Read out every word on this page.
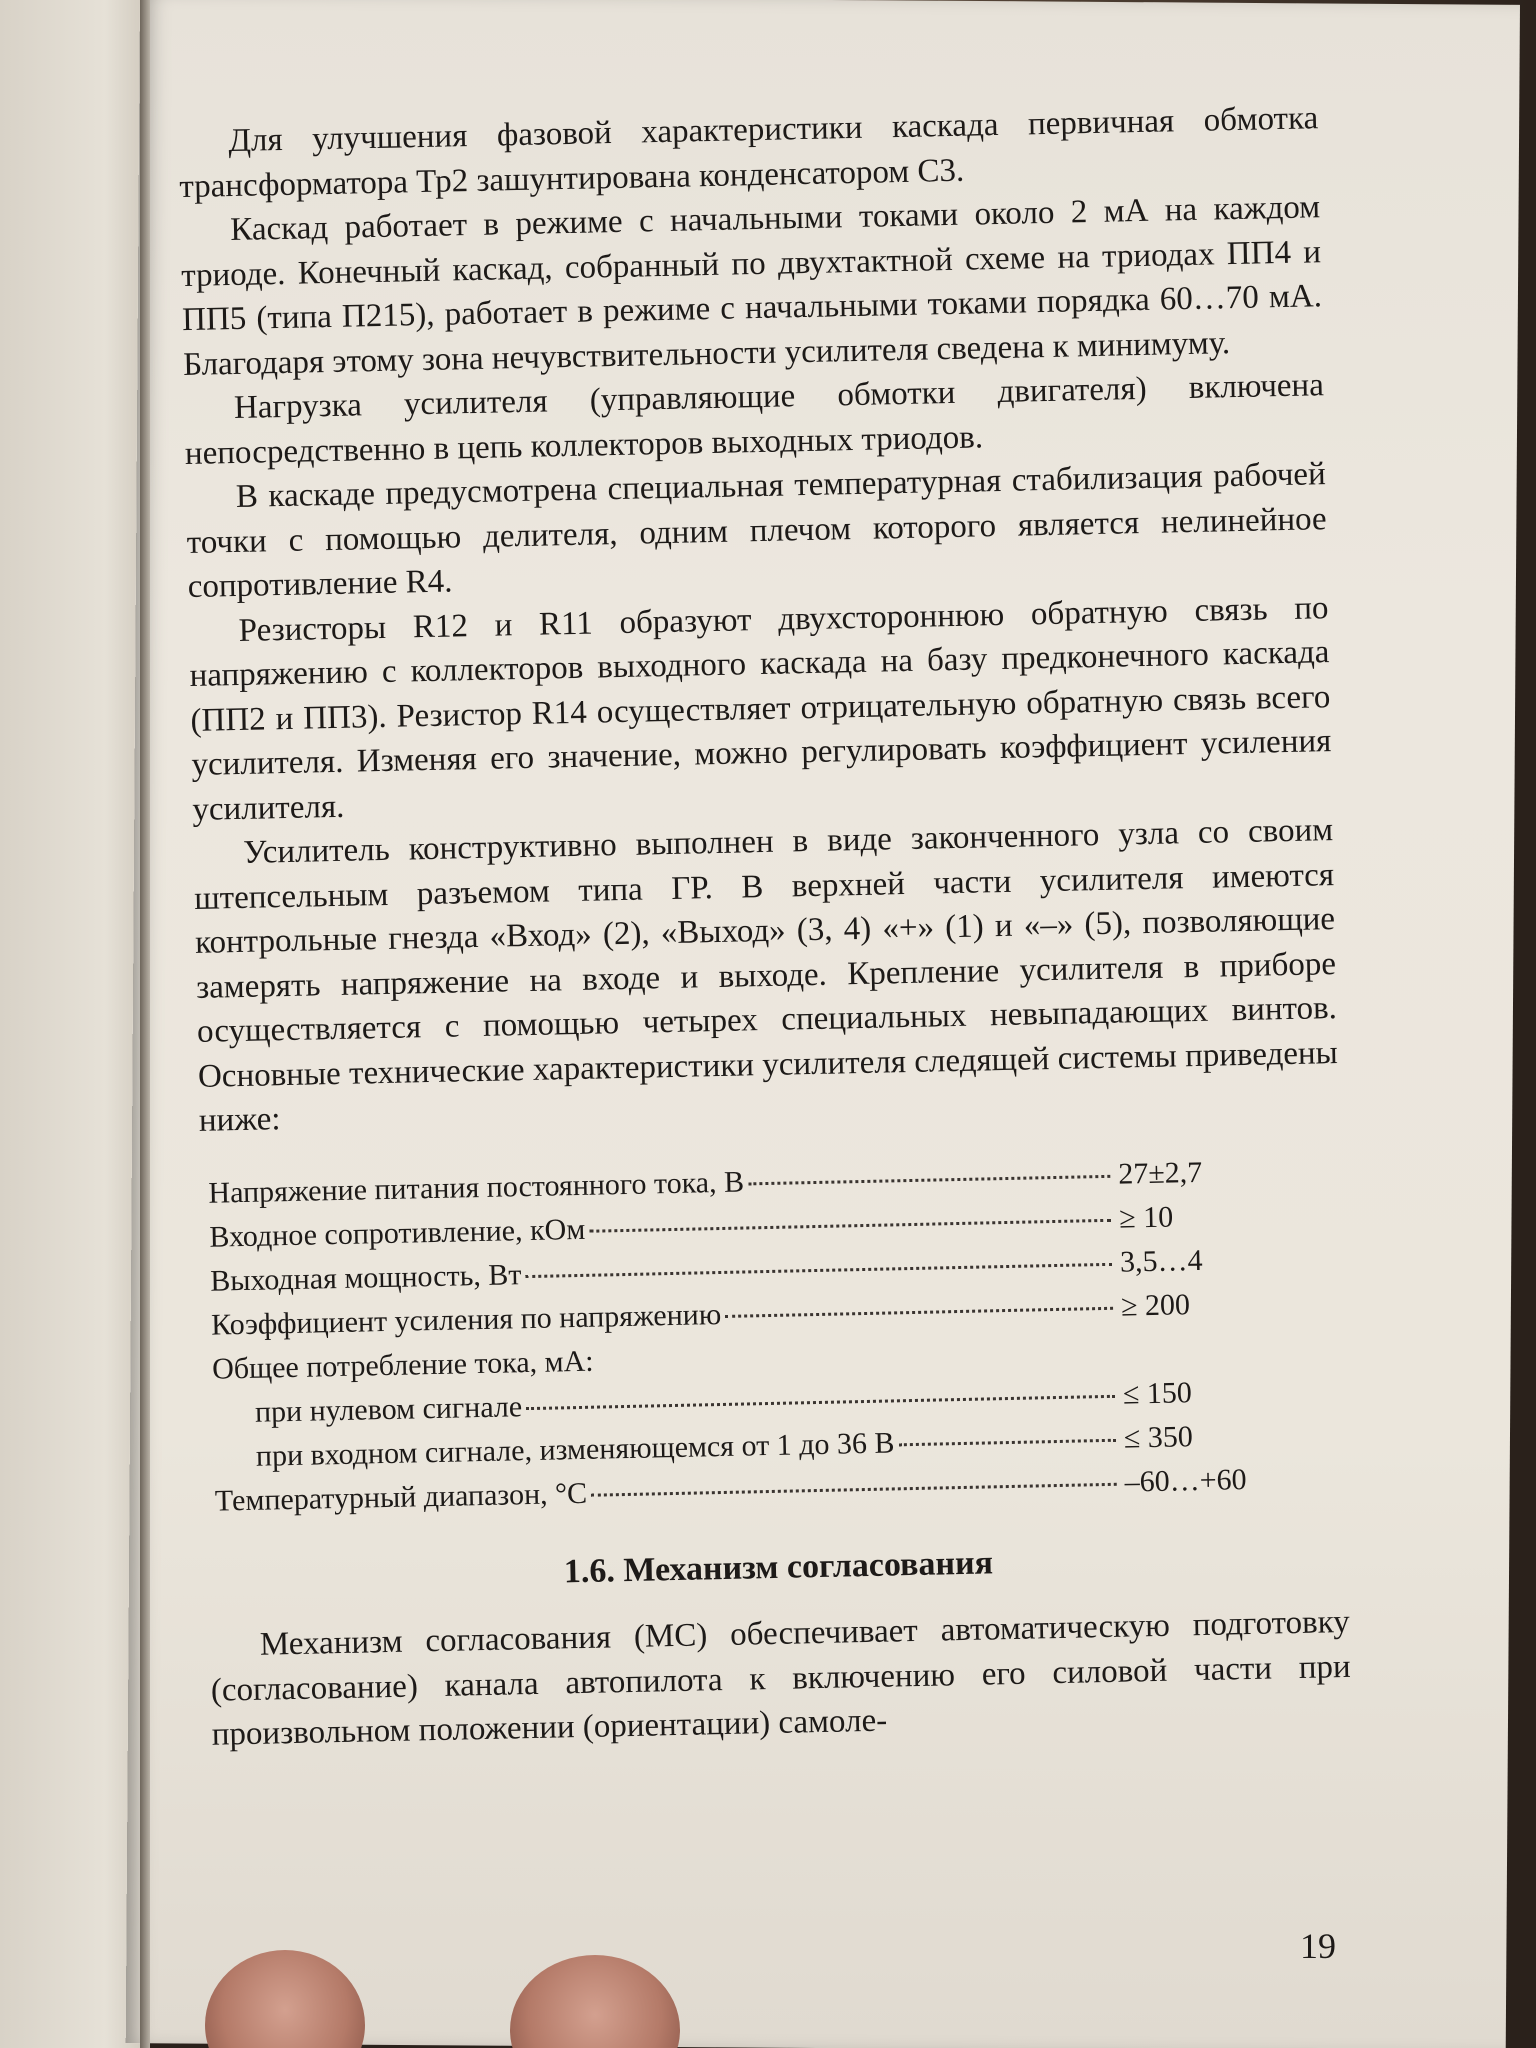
Для улучшения фазовой характеристики каскада первичная обмотка трансформатора Тр2 зашунтирована конденсатором С3.

Каскад работает в режиме с начальными токами около 2 мА на каждом триоде. Конечный каскад, собранный по двухтактной схеме на триодах ПП4 и ПП5 (типа П215), работает в режиме с начальными токами порядка 60…70 мА. Благодаря этому зона нечувствительности усилителя сведена к минимуму.

Нагрузка усилителя (управляющие обмотки двигателя) включена непосредственно в цепь коллекторов выходных триодов.

В каскаде предусмотрена специальная температурная стабилизация рабочей точки с помощью делителя, одним плечом которого является нелинейное сопротивление R4.

Резисторы R12 и R11 образуют двухстороннюю обратную связь по напряжению с коллекторов выходного каскада на базу предконечного каскада (ПП2 и ПП3). Резистор R14 осуществляет отрицательную обратную связь всего усилителя. Изменяя его значение, можно регулировать коэффициент усиления усилителя.

Усилитель конструктивно выполнен в виде законченного узла со своим штепсельным разъемом типа ГР. В верхней части усилителя имеются контрольные гнезда «Вход» (2), «Выход» (3, 4) «+» (1) и «–» (5), позволяющие замерять напряжение на входе и выходе. Крепление усилителя в приборе осуществляется с помощью четырех специальных невыпадающих винтов. Основные технические характеристики усилителя следящей системы приведены ниже:

Напряжение питания постоянного тока, В	27±2,7
Входное сопротивление, кОм	≥ 10
Выходная мощность, Вт	3,5…4
Коэффициент усиления по напряжению	≥ 200
Общее потребление тока, мА:
при нулевом сигнале	≤ 150
при входном сигнале, изменяющемся от 1 до 36 В	≤ 350
Температурный диапазон, °С	–60…+60
1.6. Механизм согласования

Механизм согласования (МС) обеспечивает автоматическую подготовку (согласование) канала автопилота к включению его силовой части при произвольном положении (ориентации) самоле-

19
